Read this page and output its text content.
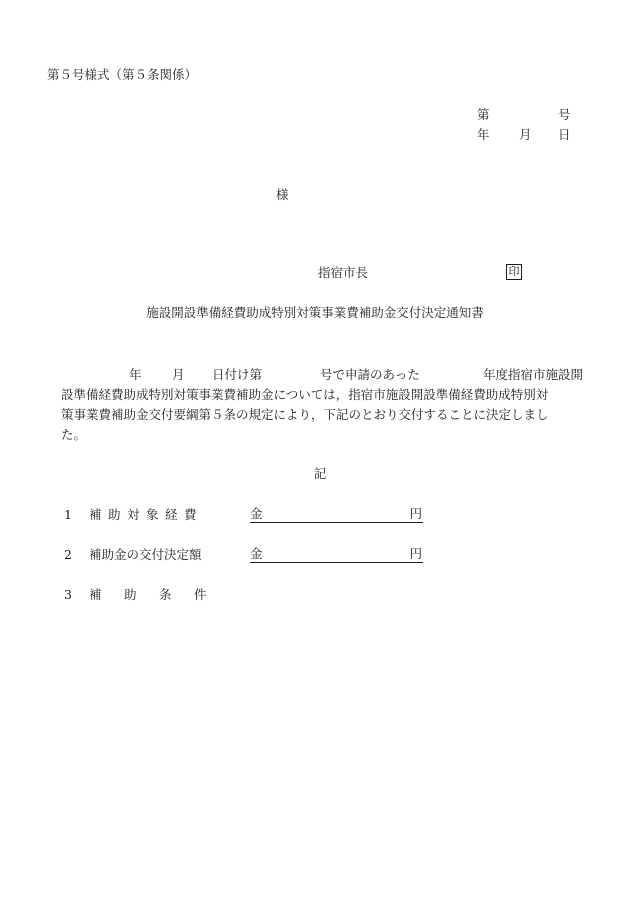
第５号様式（第５条関係）
第	号
年 月 日
様
指宿市長	印
施設開設準備経費助成特別対策事業費補助金交付決定通知書
年 月 日付け第	号で申請のあった	年度指宿市施設開
設準備経費助成特別対策事業費補助金については，指宿市施設開設準備経費助成特別対
策事業費補助金交付要綱第５条の規定により，下記のとおり交付することに決定しまし
た。
記
1 補 助 対 象 経 費	金	円
2 補助金の交付決定額	金	円
3 補 助 条 件
